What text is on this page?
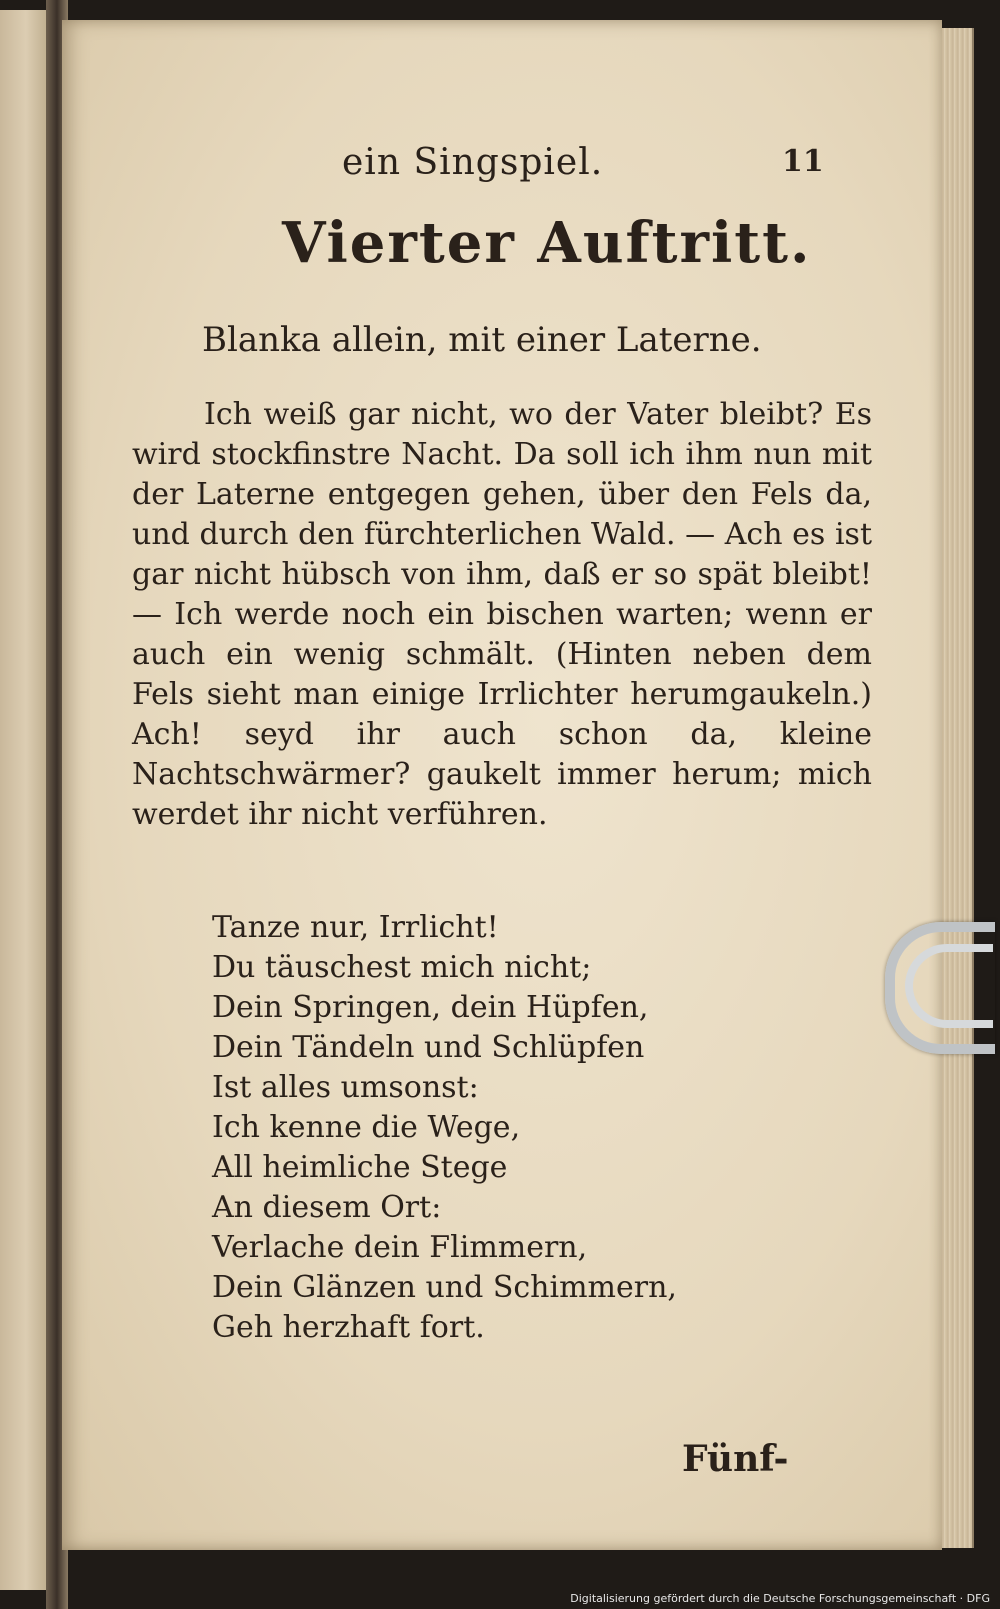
ein Singspiel.	11
Vierter Auftritt.
Blanka allein, mit einer Laterne.
Ich weiß gar nicht, wo der Vater bleibt? Es wird stockfinstre Nacht. Da soll ich ihm nun mit der Laterne entgegen gehen, über den Fels da, und durch den fürchterlichen Wald. — Ach es ist gar nicht hübsch von ihm, daß er so spät bleibt! — Ich werde noch ein bischen warten; wenn er auch ein wenig schmält. (Hinten neben dem Fels sieht man einige Irrlichter herumgaukeln.) Ach! seyd ihr auch schon da, kleine Nachtschwärmer? gaukelt immer herum; mich werdet ihr nicht verführen.
Tanze nur, Irrlicht!
Du täuschest mich nicht;
Dein Springen, dein Hüpfen,
Dein Tändeln und Schlüpfen
Ist alles umsonst:
Ich kenne die Wege,
All heimliche Stege
An diesem Ort:
Verlache dein Flimmern,
Dein Glänzen und Schimmern,
Geh herzhaft fort.
Fünf-
Digitalisierung gefördert durch die Deutsche Forschungsgemeinschaft · DFG
